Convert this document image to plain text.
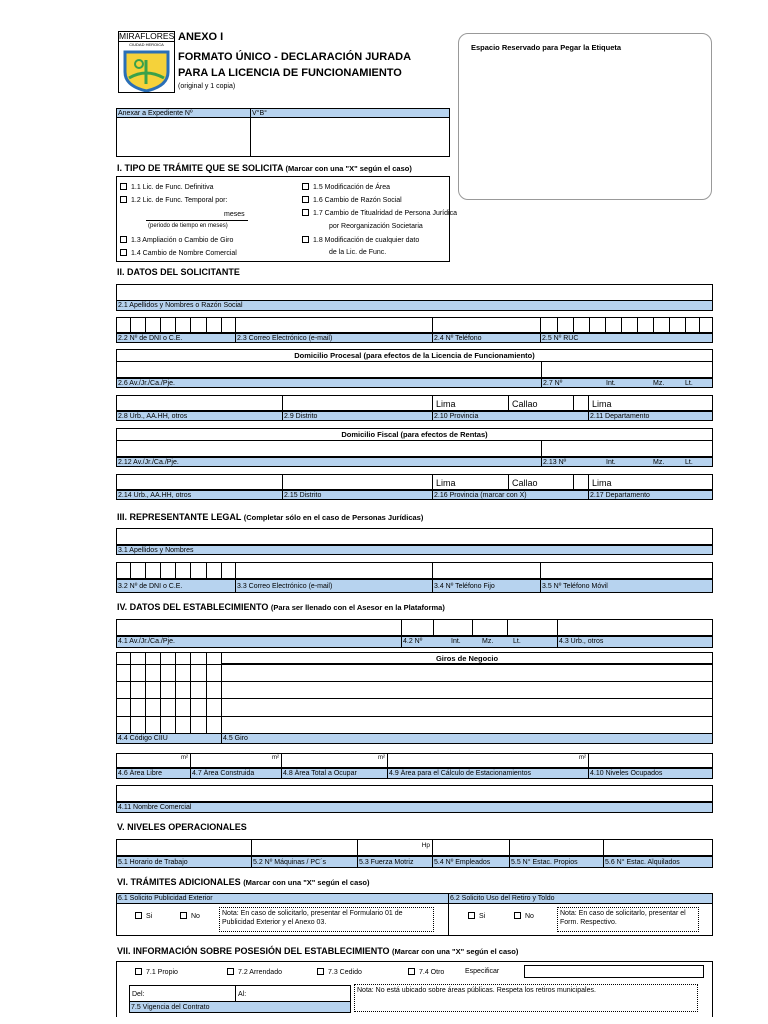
MIRAFLORES
CIUDAD HEROICA
ANEXO I
FORMATO ÚNICO - DECLARACIÓN JURADA
PARA LA LICENCIA DE FUNCIONAMIENTO
(original y 1 copia)
Espacio Reservado para Pegar la Etiqueta
Anexar a Expediente Nº	V°B°
I. TIPO DE TRÁMITE QUE SE SOLICITA (Marcar con una "X" según el caso)
1.1 Lic. de Func. Definitiva
1.2 Lic. de Func. Temporal por:
meses
(periodo de tiempo en meses)
1.3 Ampliación o Cambio de Giro
1.4 Cambio de Nombre Comercial
1.5 Modificación de Área
1.6 Cambio de Razón Social
1.7 Cambio de Titualridad de Persona Jurídica
por Reorganización Societaria
1.8 Modificación de cualquier dato
de la Lic. de Func.
II. DATOS DEL SOLICITANTE
2.1 Apellidos y Nombres o Razón Social
2.2 Nº de DNI o C.E.	2.3 Correo Electrónico (e-mail)	2.4 Nº Teléfono	2.5 Nº RUC
Domicilio Procesal (para efectos de la Licencia de Funcionamiento)
2.6 Av./Jr./Ca./Pje.	2.7 Nº	Int.	Mz.	Lt.
Lima	Callao	Lima
2.8 Urb., AA.HH, otros	2.9 Distrito	2.10 Provincia	2.11 Departamento
Domicilio Fiscal (para efectos de Rentas)
2.12 Av./Jr./Ca./Pje.	2.13 Nº	Int.	Mz.	Lt.
Lima	Callao	Lima
2.14 Urb., AA.HH, otros	2.15 Distrito	2.16 Provincia (marcar con X)	2.17 Departamento
III. REPRESENTANTE LEGAL (Completar sólo en el caso de Personas Jurídicas)
3.1 Apellidos y Nombres
3.2 Nº de DNI o C.E.	3.3 Correo Electrónico (e-mail)	3.4 Nº Teléfono Fijo	3.5 Nº Teléfono Móvil
IV. DATOS DEL ESTABLECIMIENTO (Para ser llenado con el Asesor en la Plataforma)
4.1 Av./Jr./Ca./Pje.	4.2 Nº	Int.	Mz.	Lt.	4.3 Urb., otros
Giros de Negocio
4.4 Código CIIU	4.5 Giro
m²	m²	m²	m²
4.6 Área Libre	4.7 Área Construida	4.8 Área Total a Ocupar	4.9 Área para el Cálculo de Estacionamientos	4.10 Niveles Ocupados
4.11 Nombre Comercial
V. NIVELES OPERACIONALES
Hp
5.1 Horario de Trabajo	5.2 Nº Máquinas / PC´s	5.3 Fuerza Motriz	5.4 Nº Empleados	5.5 N° Estac. Propios	5.6 N° Estac. Alquilados
VI. TRÁMITES ADICIONALES (Marcar con una "X" según el caso)
6.1 Solicito Publicidad Exterior	6.2 Solicito Uso del Retiro y Toldo
Si	No	Nota: En caso de solicitarlo, presentar el Formulario 01 de Publicidad Exterior y el Anexo 03.
Si	No	Nota: En caso de solicitarlo, presentar el Form. Respectivo.
VII. INFORMACIÓN SOBRE POSESIÓN DEL ESTABLECIMIENTO (Marcar con una "X" según el caso)
7.1 Propio	7.2 Arrendado	7.3 Cedido	7.4 Otro	Especificar
Del:	Al:
7.5 Vigencia del Contrato
Nota: No está ubicado sobre áreas públicas. Respeta los retiros municipales.
